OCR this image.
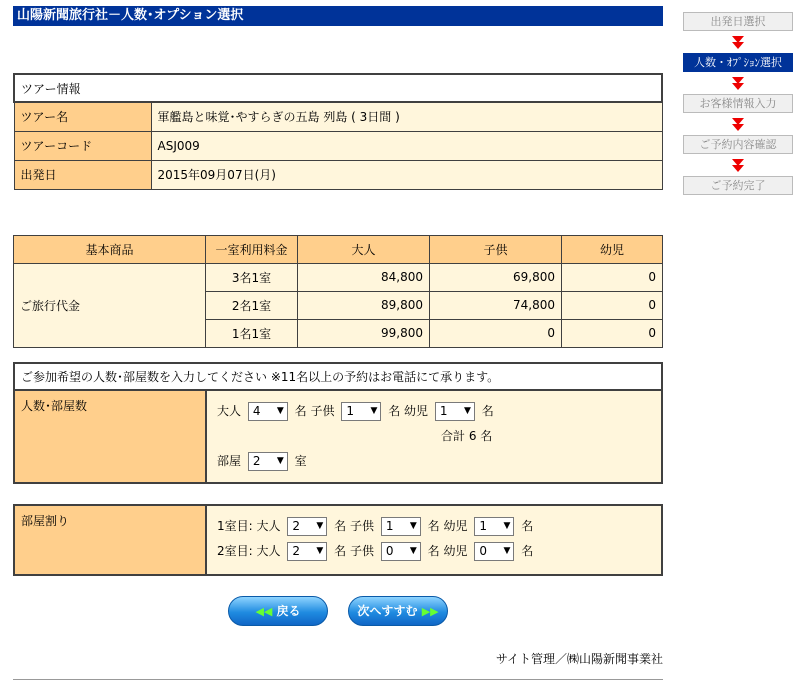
山陽新聞旅行社－人数･オプション選択
ツアー情報	
ツアー名	軍艦島と味覚･やすらぎの五島 列島 ( 3日間 )
ツアーコード	ASJ009
出発日	2015年09月07日(月)
基本商品	一室利用料金	大人	子供	幼児
ご旅行代金	3名1室	84,800	69,800	0
	2名1室	89,800	74,800	0
	1名1室	99,800	0	0
ご参加希望の人数･部屋数を入力してください ※11名以上の予約はお電話にて承ります。
人数･部屋数	大人 4 ▼ 名 子供 1 ▼ 名 幼児 1 ▼ 名
合計 6 名
部屋 2 ▼ 室
部屋割り	1室目: 大人 2 ▼ 名 子供 1 ▼ 名 幼児 1 ▼ 名
2室目: 大人 2 ▼ 名 子供 0 ▼ 名 幼児 0 ▼ 名
◀◀ 戻る	次へすすむ ▶▶
サイト管理／㈱山陽新聞事業社
出発日選択
人数・ｵﾌﾟｼｮﾝ選択
お客様情報入力
ご予約内容確認
ご予約完了
